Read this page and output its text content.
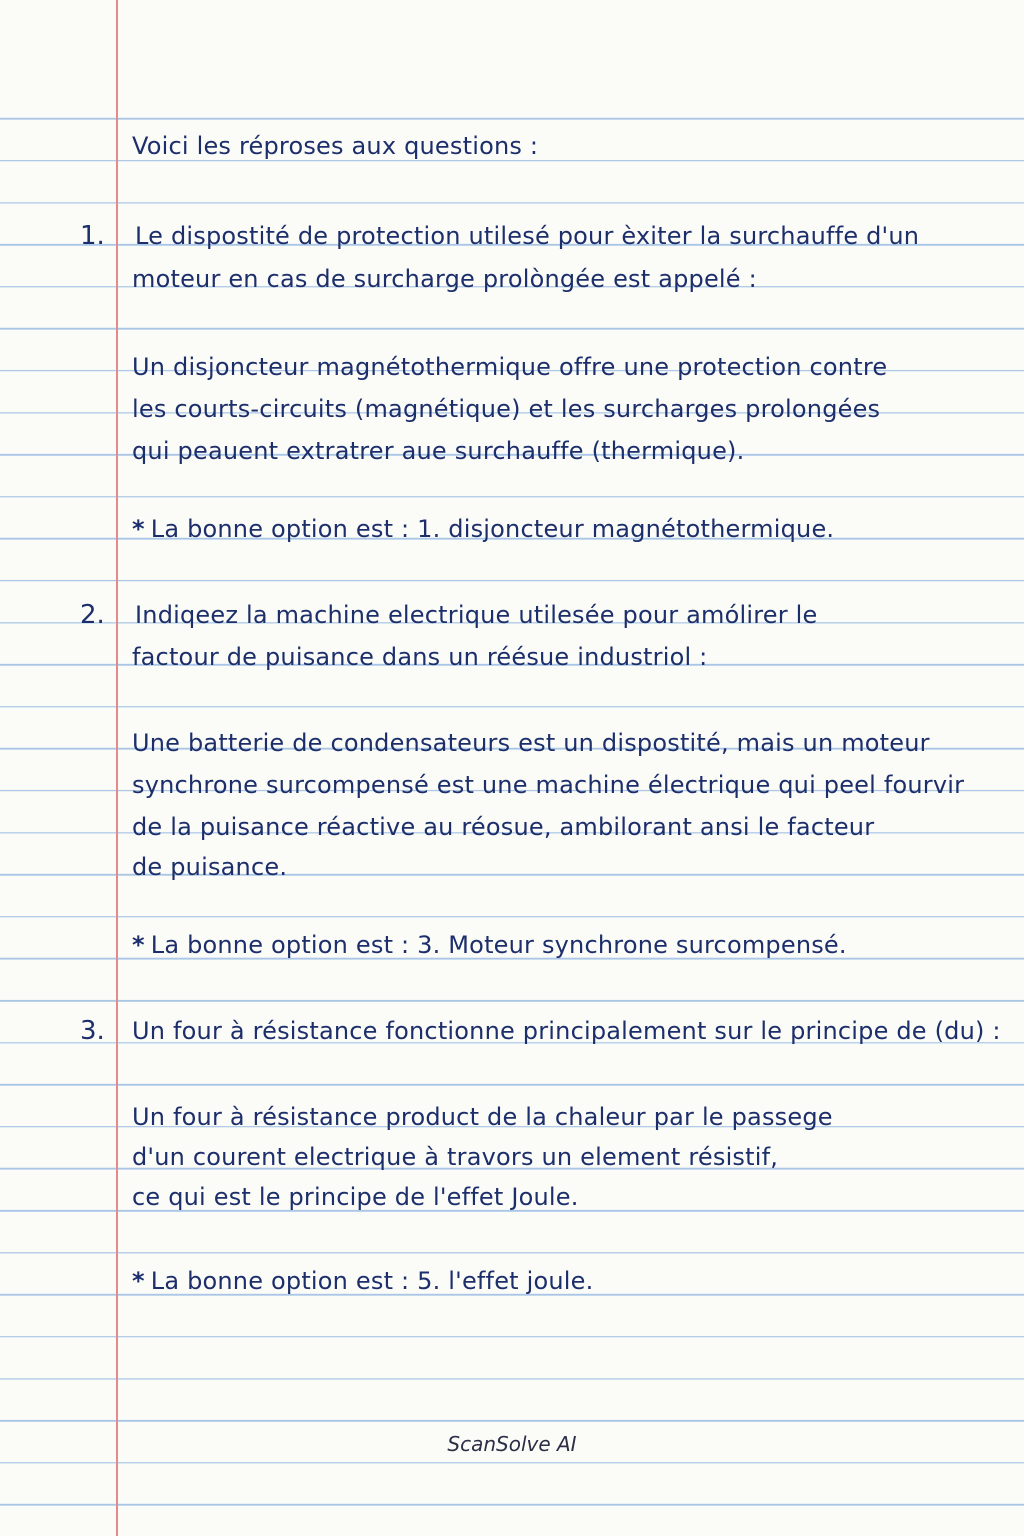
Voici les réproses aux questions :
1. Le dispostité de protection utilesé pour èxiter la surchauffe d'un
moteur en cas de surcharge prolòngée est appelé :
Un disjoncteur magnétothermique offre une protection contre
les courts-circuits (magnétique) et les surcharges prolongées
qui peauent extratrer aue surchauffe (thermique).
* La bonne option est : 1. disjoncteur magnétothermique.
2. Indiqeez la machine electrique utilesée pour amólirer le
factour de puisance dans un réésue industriol :
Une batterie de condensateurs est un dispostité, mais un moteur
synchrone surcompensé est une machine électrique qui peel fourvir
de la puisance réactive au réosue, ambilorant ansi le facteur
de puisance.
* La bonne option est : 3. Moteur synchrone surcompensé.
3. Un four à résistance fonctionne principalement sur le principe de (du) :
Un four à résistance product de la chaleur par le passege
d'un courent electrique à travors un element résistif,
ce qui est le principe de l'effet Joule.
* La bonne option est : 5. l'effet joule.
ScanSolve AI
